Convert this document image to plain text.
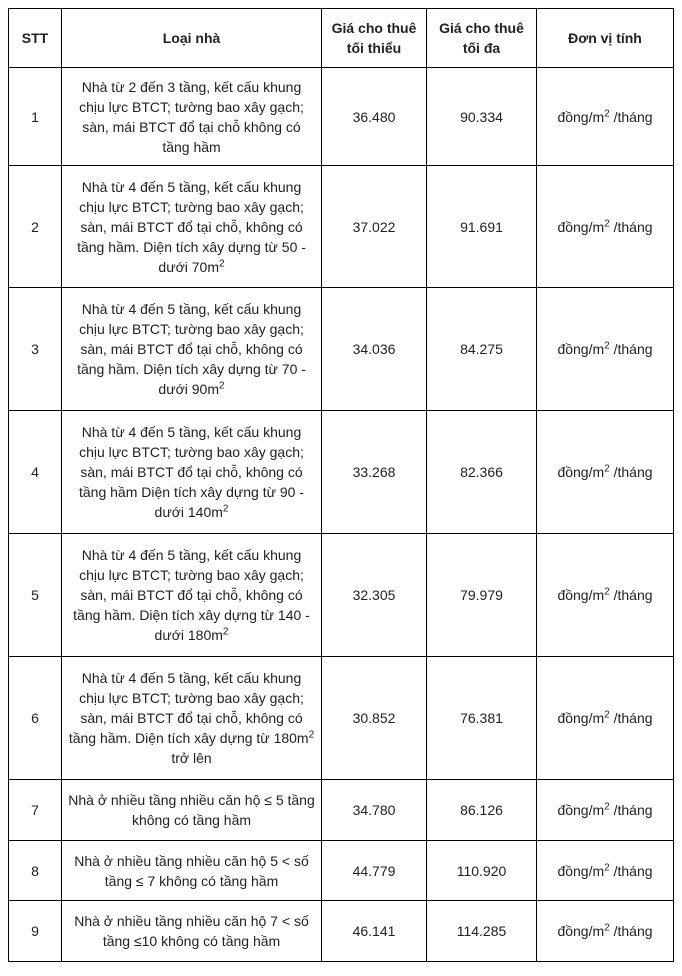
STT	Loại nhà	Giá cho thuê tối thiểu	Giá cho thuê tối đa	Đơn vị tính
1	Nhà từ 2 đến 3 tầng, kết cấu khung chịu lực BTCT; tường bao xây gạch; sàn, mái BTCT đổ tại chỗ không có tầng hầm	36.480	90.334	đồng/$m^2$ /tháng
2	Nhà từ 4 đến 5 tầng, kết cấu khung chịu lực BTCT; tường bao xây gạch; sàn, mái BTCT đổ tại chỗ, không có tầng hầm. Diện tích xây dựng từ 50 - dưới $70m^2$	37.022	91.691	đồng/$m^2$ /tháng
3	Nhà từ 4 đến 5 tầng, kết cấu khung chịu lực BTCT; tường bao xây gạch; sàn, mái BTCT đổ tại chỗ, không có tầng hầm. Diện tích xây dựng từ 70 - dưới $90m^2$	34.036	84.275	đồng/$m^2$ /tháng
4	Nhà từ 4 đến 5 tầng, kết cấu khung chịu lực BTCT; tường bao xây gạch; sàn, mái BTCT đổ tại chỗ, không có tầng hầm Diện tích xây dựng từ 90 - dưới $140m^2$	33.268	82.366	đồng/$m^2$ /tháng
5	Nhà từ 4 đến 5 tầng, kết cấu khung chịu lực BTCT; tường bao xây gạch; sàn, mái BTCT đổ tại chỗ, không có tầng hầm. Diện tích xây dựng từ 140 - dưới $180m^2$	32.305	79.979	đồng/$m^2$ /tháng
6	Nhà từ 4 đến 5 tầng, kết cấu khung chịu lực BTCT; tường bao xây gạch; sàn, mái BTCT đổ tại chỗ, không có tầng hầm. Diện tích xây dựng từ $180m^2$ trở lên	30.852	76.381	đồng/$m^2$ /tháng
7	Nhà ở nhiều tầng nhiều căn hộ ≤ 5 tầng không có tầng hầm	34.780	86.126	đồng/$m^2$ /tháng
8	Nhà ở nhiều tầng nhiều căn hộ 5 < số tầng ≤ 7 không có tầng hầm	44.779	110.920	đồng/$m^2$ /tháng
9	Nhà ở nhiều tầng nhiều căn hộ 7 < số tầng ≤10 không có tầng hầm	46.141	114.285	đồng/$m^2$ /tháng
